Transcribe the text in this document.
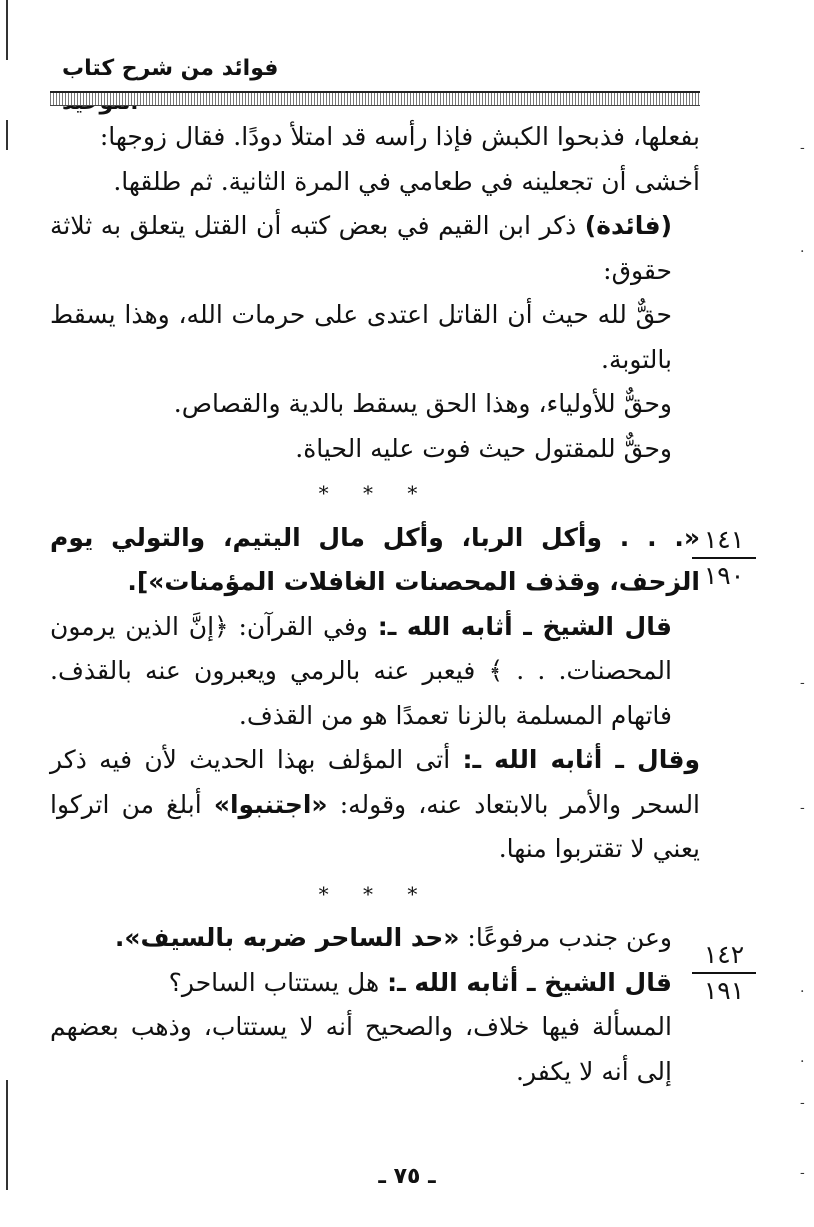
فوائد من شرح كتاب

بفعلها، فذبحوا الكبش فإذا رأسه قد امتلأ دودًا. فقال زوجها:

أخشى أن تجعلينه في طعامي في المرة الثانية. ثم طلقها.

(فائدة) ذكر ابن القيم في بعض كتبه أن القتل يتعلق به ثلاثة حقوق:

حقٌّ لله حيث أن القاتل اعتدى على حرمات الله، وهذا يسقط بالتوبة.

وحقٌّ للأولياء، وهذا الحق يسقط بالدية والقصاص.

وحقٌّ للمقتول حيث فوت عليه الحياة.

* * *

«. . . وأكل الربا، وأكل مال اليتيم، والتولي يوم الزحف، وقذف المحصنات الغافلات المؤمنات»].

قال الشيخ ـ أثابه الله ـ: وفي القرآن: ﴿إنَّ الذين يرمون المحصنات. . . ﴾ فيعبر عنه بالرمي ويعبرون عنه بالقذف. فاتهام المسلمة بالزنا تعمدًا هو من القذف.

وقال ـ أثابه الله ـ: أتى المؤلف بهذا الحديث لأن فيه ذكر السحر والأمر بالابتعاد عنه، وقوله: «اجتنبوا» أبلغ من اتركوا يعني لا تقتربوا منها.

* * *

وعن جندب مرفوعًا: «حد الساحر ضربه بالسيف».

قال الشيخ ـ أثابه الله ـ: هل يستتاب الساحر؟

المسألة فيها خلاف، والصحيح أنه لا يستتاب، وذهب بعضهم إلى أنه لا يكفر.

١٤١
١٩٠
١٤٢
١٩١
-
.
-
-
.
.
-
-
ـ ٧٥ ـ
